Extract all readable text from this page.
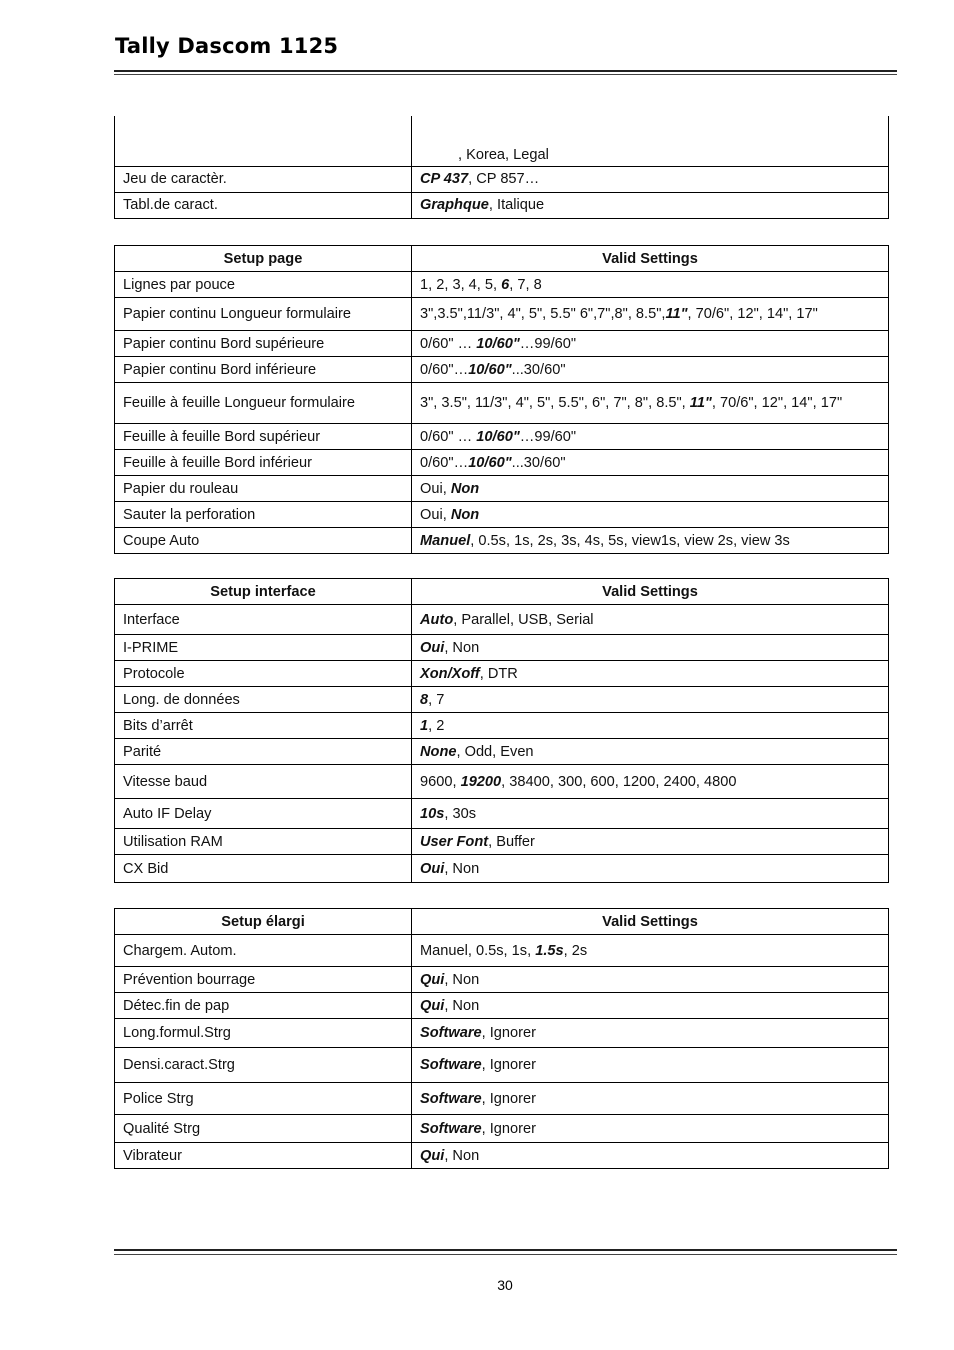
Tally Dascom 1125
	, Korea, Legal
Jeu de caractèr.	CP 437, CP 857…
Tabl.de caract.	Graphque, Italique
Setup page	Valid Settings
Lignes par pouce	1, 2, 3, 4, 5, 6, 7, 8
Papier continu Longueur formulaire	3",3.5",11/3", 4", 5", 5.5" 6",7",8", 8.5",11", 70/6", 12", 14", 17"
Papier continu Bord supérieure	0/60" … 10/60"…99/60"
Papier continu Bord inférieure	0/60"…10/60"...30/60"
Feuille à feuille Longueur formulaire	3", 3.5", 11/3", 4", 5", 5.5", 6", 7", 8", 8.5", 11", 70/6", 12", 14", 17"
Feuille à feuille Bord supérieur	0/60" … 10/60"…99/60"
Feuille à feuille Bord inférieur	0/60"…10/60"...30/60"
Papier du rouleau	Oui, Non
Sauter la perforation	Oui, Non
Coupe Auto	Manuel, 0.5s, 1s, 2s, 3s, 4s, 5s, view1s, view 2s, view 3s
Setup interface	Valid Settings
Interface	Auto, Parallel, USB, Serial
I-PRIME	Oui, Non
Protocole	Xon/Xoff, DTR
Long. de données	8, 7
Bits d’arrêt	1, 2
Parité	None, Odd, Even
Vitesse baud	9600, 19200, 38400, 300, 600, 1200, 2400, 4800
Auto IF Delay	10s, 30s
Utilisation RAM	User Font, Buffer
CX Bid	Oui, Non
Setup élargi	Valid Settings
Chargem. Autom.	Manuel, 0.5s, 1s, 1.5s, 2s
Prévention bourrage	Qui, Non
Détec.fin de pap	Qui, Non
Long.formul.Strg	Software, Ignorer
Densi.caract.Strg	Software, Ignorer
Police Strg	Software, Ignorer
Qualité Strg	Software, Ignorer
Vibrateur	Qui, Non
30
